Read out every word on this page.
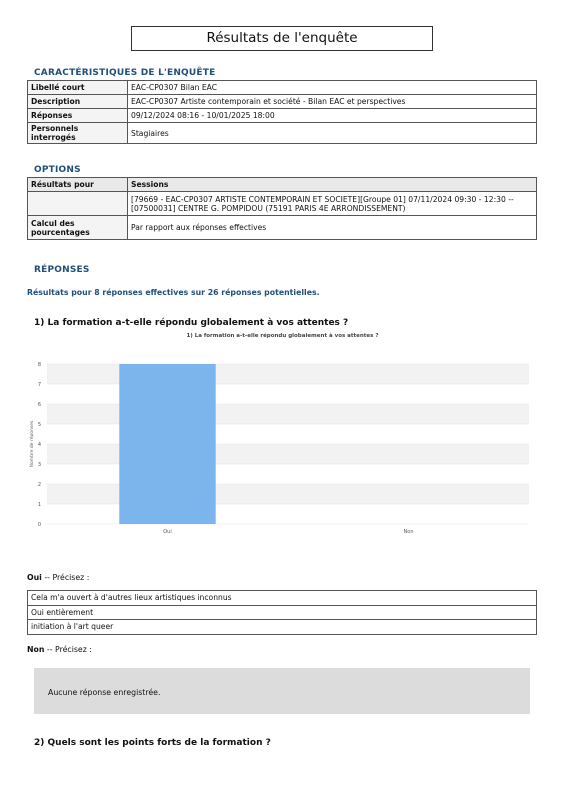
Résultats de l'enquête
CARACTÉRISTIQUES DE L'ENQUÊTE
Libellé court	EAC-CP0307 Bilan EAC
Description	EAC-CP0307 Artiste contemporain et société - Bilan EAC et perspectives
Réponses	09/12/2024 08:16 - 10/01/2025 18:00
Personnels interrogés	Stagiaires
OPTIONS
Résultats pour	Sessions
	[79669 - EAC-CP0307 ARTISTE CONTEMPORAIN ET SOCIETE][Groupe 01] 07/11/2024 09:30 - 12:30 -- [07500031] CENTRE G. POMPIDOU (75191 PARIS 4E ARRONDISSEMENT)
Calcul des pourcentages	Par rapport aux réponses effectives
RÉPONSES
Résultats pour 8 réponses effectives sur 26 réponses potentielles.
1) La formation a-t-elle répondu globalement à vos attentes ?
1) La formation a-t-elle répondu globalement à vos attentes ?
0
1
2
3
4
5
6
7
8
Nombre de réponses
Oui	Non
Oui -- Précisez :
Cela m'a ouvert à d'autres lieux artistiques inconnus
Oui entièrement
initiation à l'art queer
Non -- Précisez :
Aucune réponse enregistrée.
2) Quels sont les points forts de la formation ?
